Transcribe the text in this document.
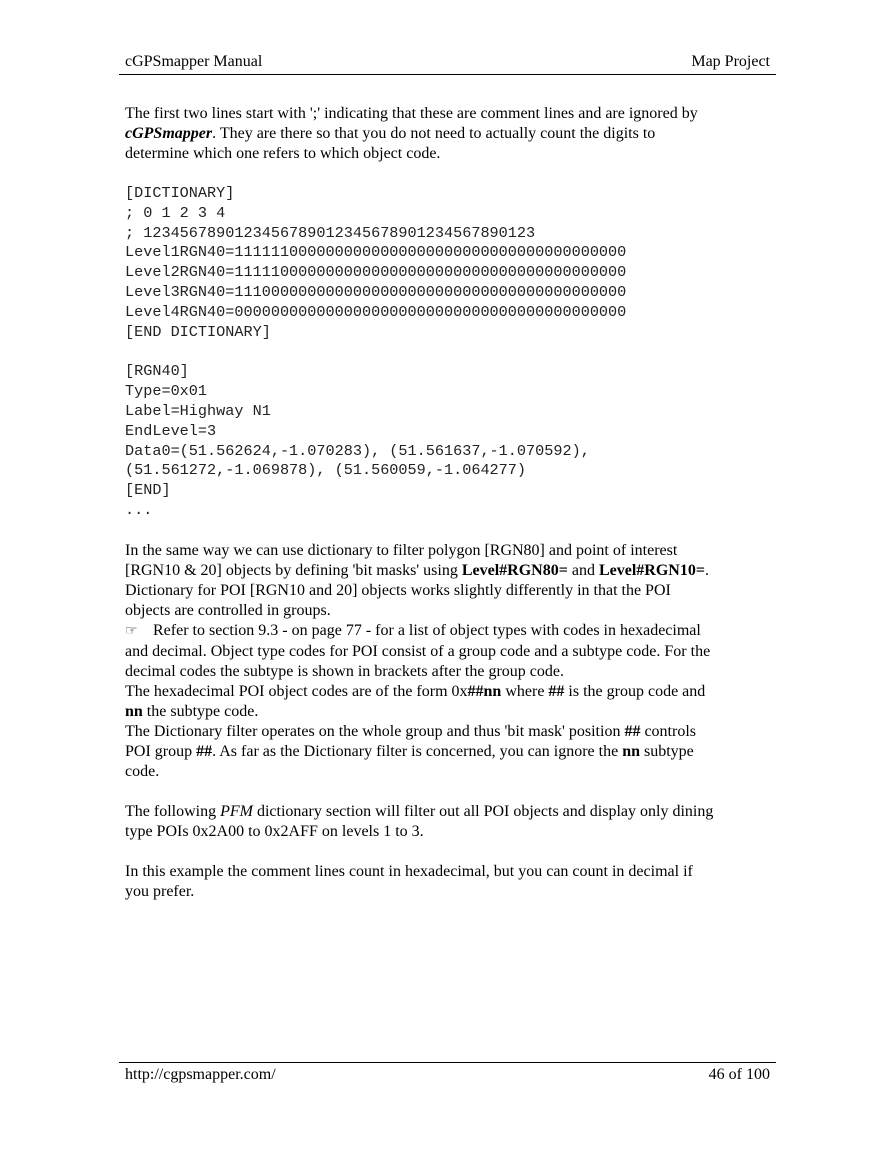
cGPSmapper Manual	Map Project

The first two lines start with ';' indicating that these are comment lines and are ignored by
cGPSmapper. They are there so that you do not need to actually count the digits to
determine which one refers to which object code.

[DICTIONARY]
; 0 1 2 3 4
; 1234567890123456789012345678901234567890123
Level1RGN40=1111110000000000000000000000000000000000000
Level2RGN40=1111100000000000000000000000000000000000000
Level3RGN40=1110000000000000000000000000000000000000000
Level4RGN40=0000000000000000000000000000000000000000000
[END DICTIONARY]
[RGN40]
Type=0x01
Label=Highway N1
EndLevel=3
Data0=(51.562624,-1.070283), (51.561637,-1.070592),
(51.561272,-1.069878), (51.560059,-1.064277)
[END]
...

In the same way we can use dictionary to filter polygon [RGN80] and point of interest
[RGN10 & 20] objects by defining 'bit masks' using Level#RGN80= and Level#RGN10=.
Dictionary for POI [RGN10 and 20] objects works slightly differently in that the POI
objects are controlled in groups.
☞ Refer to section 9.3 - on page 77 - for a list of object types with codes in hexadecimal
and decimal. Object type codes for POI consist of a group code and a subtype code. For the
decimal codes the subtype is shown in brackets after the group code.
The hexadecimal POI object codes are of the form 0x##nn where ## is the group code and
nn the subtype code.
The Dictionary filter operates on the whole group and thus 'bit mask' position ## controls
POI group ##. As far as the Dictionary filter is concerned, you can ignore the nn subtype
code.

The following PFM dictionary section will filter out all POI objects and display only dining
type POIs 0x2A00 to 0x2AFF on levels 1 to 3.

In this example the comment lines count in hexadecimal, but you can count in decimal if
you prefer.

http://cgpsmapper.com/	46 of 100
